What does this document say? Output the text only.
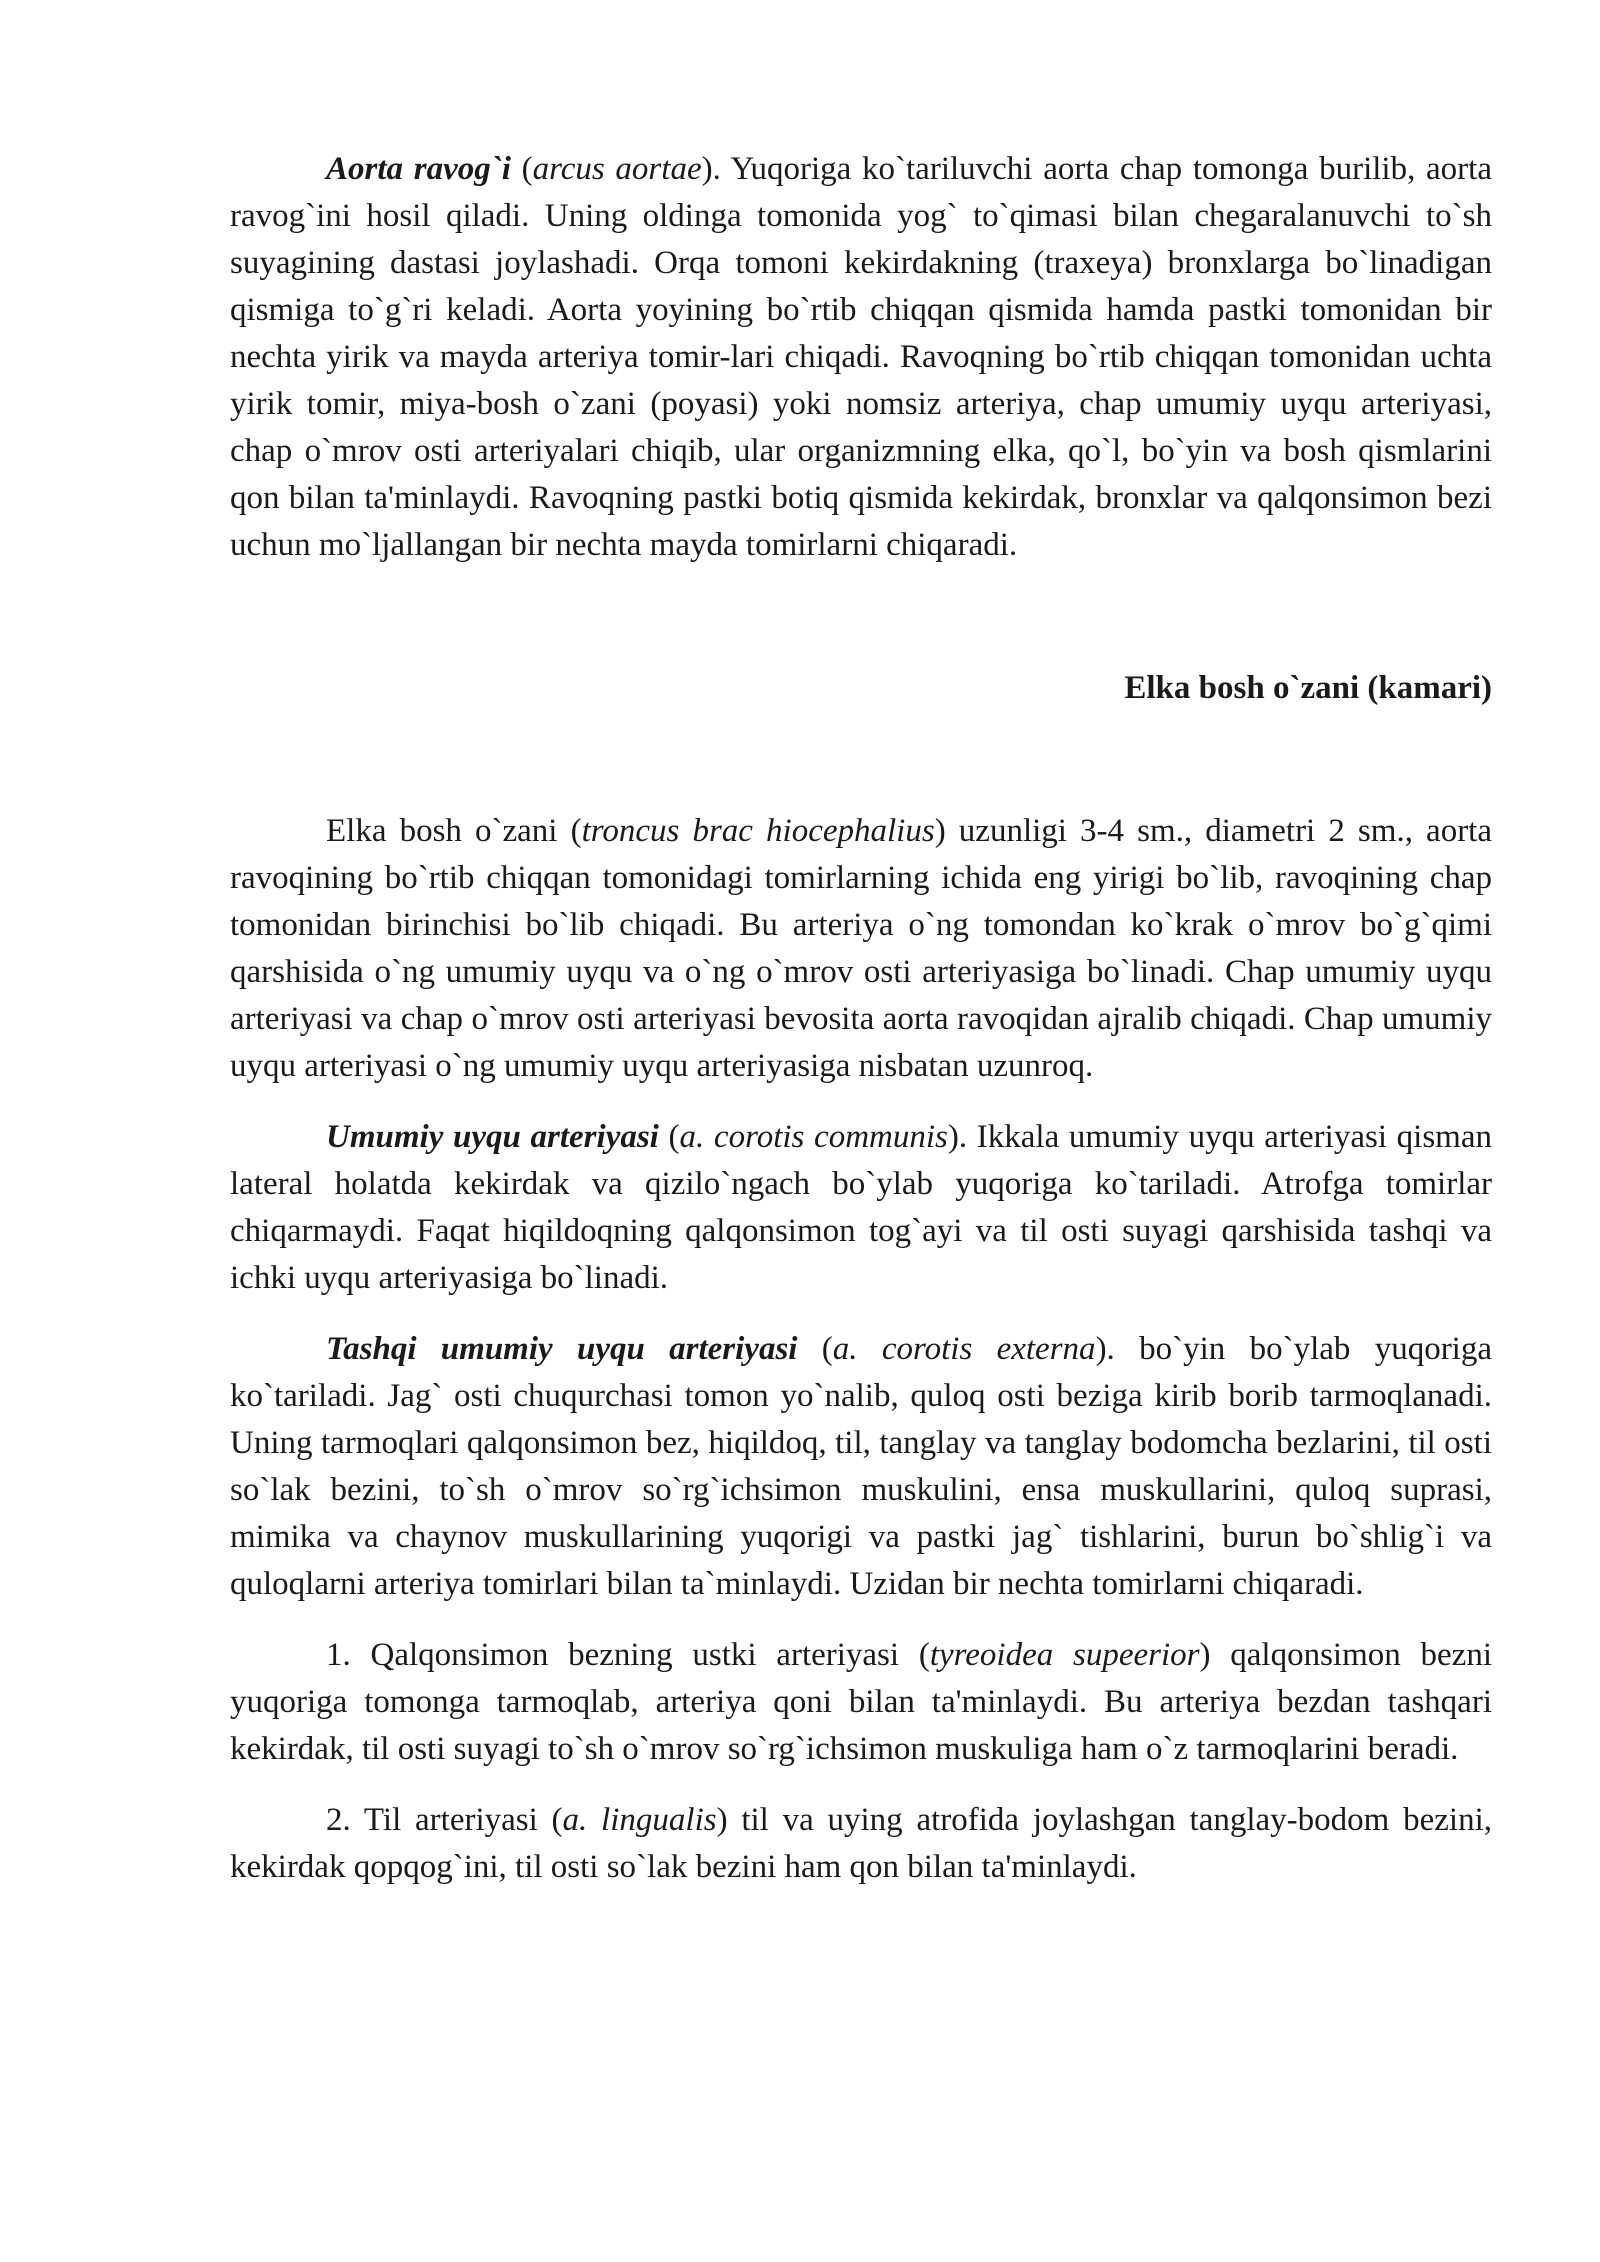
Aorta ravog`i (arcus aortae). Yuqoriga ko`tariluvchi aorta chap tomonga burilib, aorta ravog`ini hosil qiladi. Uning oldinga tomonida yog` to`qimasi bilan chegaralanuvchi to`sh suyagining dastasi joylashadi. Orqa tomoni kekirdakning (traxeya) bronxlarga bo`linadigan qismiga to`g`ri keladi. Aorta yoyining bo`rtib chiqqan qismida hamda pastki tomonidan bir nechta yirik va mayda arteriya tomir-lari chiqadi. Ravoqning bo`rtib chiqqan tomonidan uchta yirik tomir, miya-bosh o`zani (poyasi) yoki nomsiz arteriya, chap umumiy uyqu arteriyasi, chap o`mrov osti arteriyalari chiqib, ular organizmning elka, qo`l, bo`yin va bosh qismlarini qon bilan ta'minlaydi. Ravoqning pastki botiq qismida kekirdak, bronxlar va qalqonsimon bezi uchun mo`ljallangan bir nechta mayda tomirlarni chiqaradi.

Elka bosh o`zani (kamari)

Elka bosh o`zani (troncus brac hiocephalius) uzunligi 3-4 sm., diametri 2 sm., aorta ravoqining bo`rtib chiqqan tomonidagi tomirlarning ichida eng yirigi bo`lib, ravoqining chap tomonidan birinchisi bo`lib chiqadi. Bu arteriya o`ng tomondan ko`krak o`mrov bo`g`qimi qarshisida o`ng umumiy uyqu va o`ng o`mrov osti arteriyasiga bo`linadi. Chap umumiy uyqu arteriyasi va chap o`mrov osti arteriyasi bevosita aorta ravoqidan ajralib chiqadi. Chap umumiy uyqu arteriyasi o`ng umumiy uyqu arteriyasiga nisbatan uzunroq.

Umumiy uyqu arteriyasi (a. corotis communis). Ikkala umumiy uyqu arteriyasi qisman lateral holatda kekirdak va qizilo`ngach bo`ylab yuqoriga ko`tariladi. Atrofga tomirlar chiqarmaydi. Faqat hiqildoqning qalqonsimon tog`ayi va til osti suyagi qarshisida tashqi va ichki uyqu arteriyasiga bo`linadi.

Tashqi umumiy uyqu arteriyasi (a. corotis externa). bo`yin bo`ylab yuqoriga ko`tariladi. Jag` osti chuqurchasi tomon yo`nalib, quloq osti beziga kirib borib tarmoqlanadi. Uning tarmoqlari qalqonsimon bez, hiqildoq, til, tanglay va tanglay bodomcha bezlarini, til osti so`lak bezini, to`sh o`mrov so`rg`ichsimon muskulini, ensa muskullarini, quloq suprasi, mimika va chaynov muskullarining yuqorigi va pastki jag` tishlarini, burun bo`shlig`i va quloqlarni arteriya tomirlari bilan ta`minlaydi. Uzidan bir nechta tomirlarni chiqaradi.

1. Qalqonsimon bezning ustki arteriyasi (tyreoidea supeerior) qalqonsimon bezni yuqoriga tomonga tarmoqlab, arteriya qoni bilan ta'minlaydi. Bu arteriya bezdan tashqari kekirdak, til osti suyagi to`sh o`mrov so`rg`ichsimon muskuliga ham o`z tarmoqlarini beradi.

2. Til arteriyasi (a. lingualis) til va uying atrofida joylashgan tanglay-bodom bezini, kekirdak qopqog`ini, til osti so`lak bezini ham qon bilan ta'minlaydi.
